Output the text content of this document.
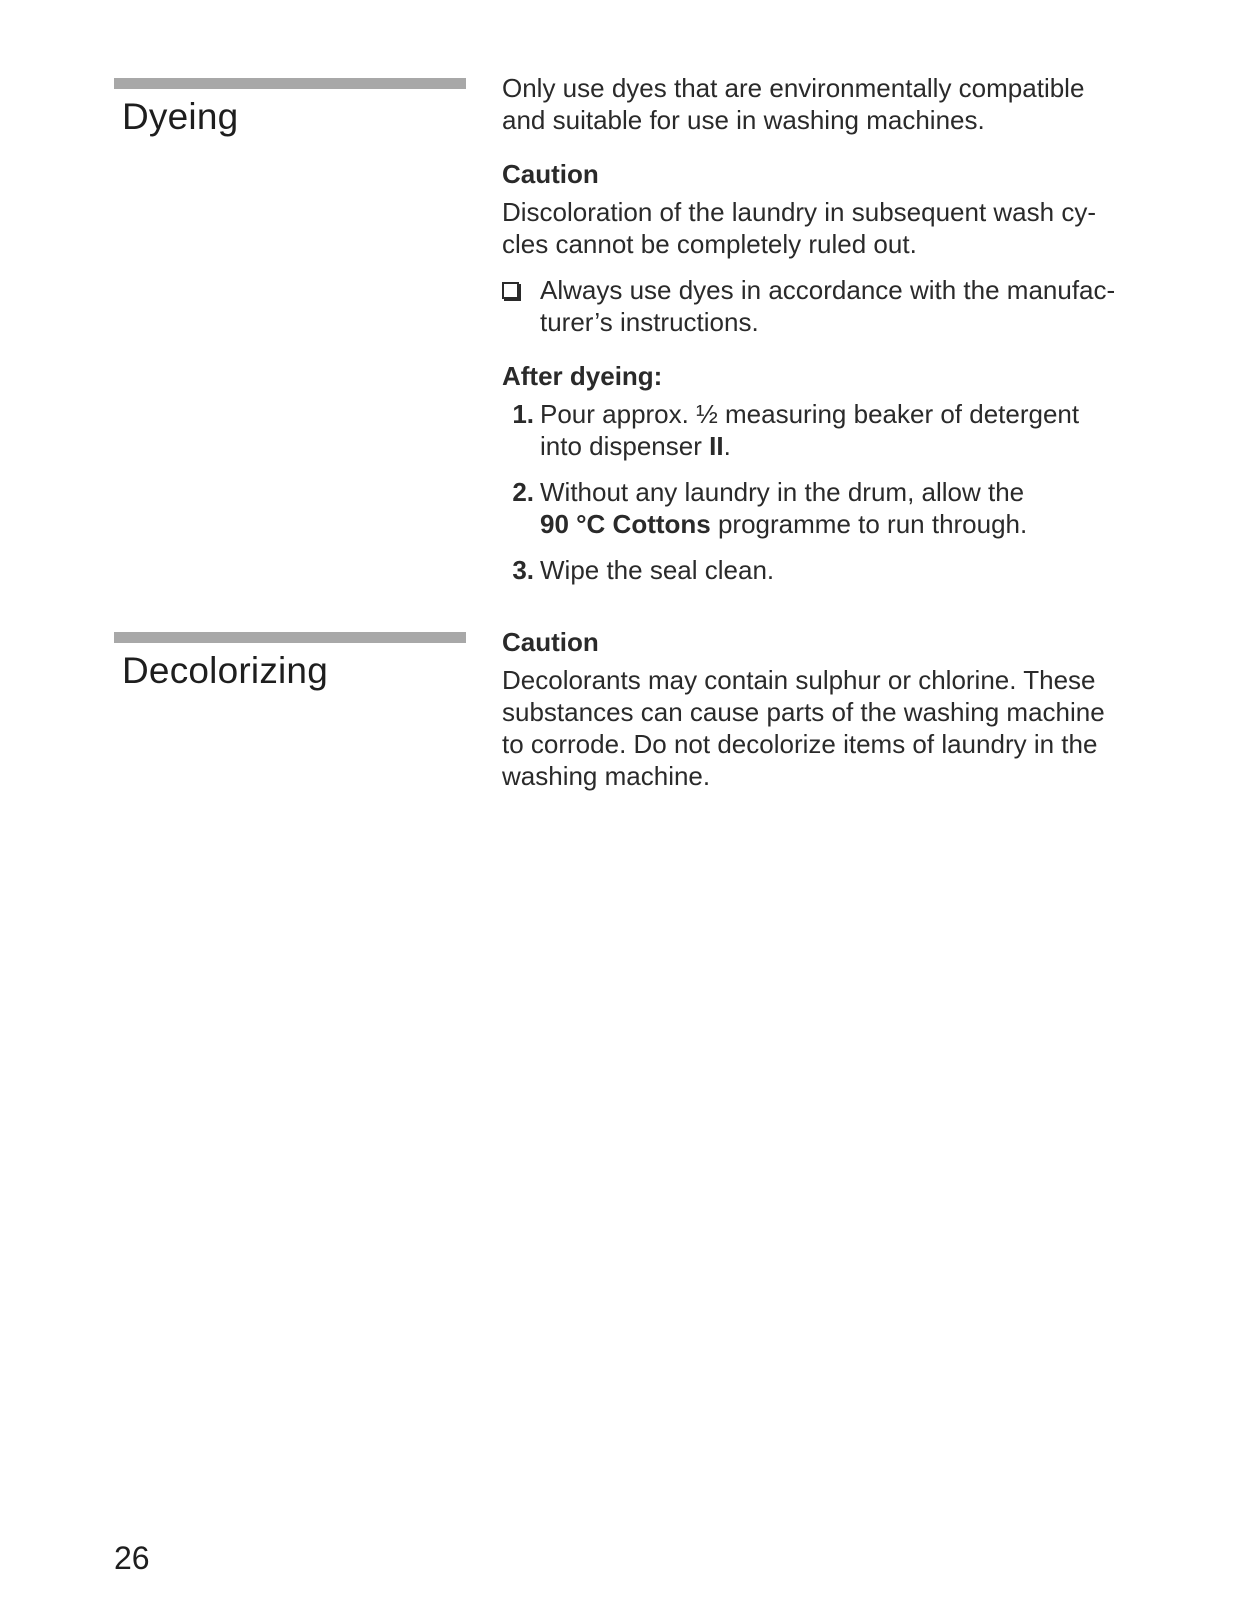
Dyeing

Only use dyes that are environmentally compatible

and suitable for use in washing machines.

Caution

Discoloration of the laundry in subsequent wash cy-

cles cannot be completely ruled out.

Always use dyes in accordance with the manufac-

turer’s instructions.

After dyeing:

1. Pour approx. ½ measuring beaker of detergent

into dispenser II.

2. Without any laundry in the drum, allow the

90 °C Cottons programme to run through.

3. Wipe the seal clean.

Decolorizing

Caution

Decolorants may contain sulphur or chlorine. These

substances can cause parts of the washing machine

to corrode. Do not decolorize items of laundry in the

washing machine.

26
